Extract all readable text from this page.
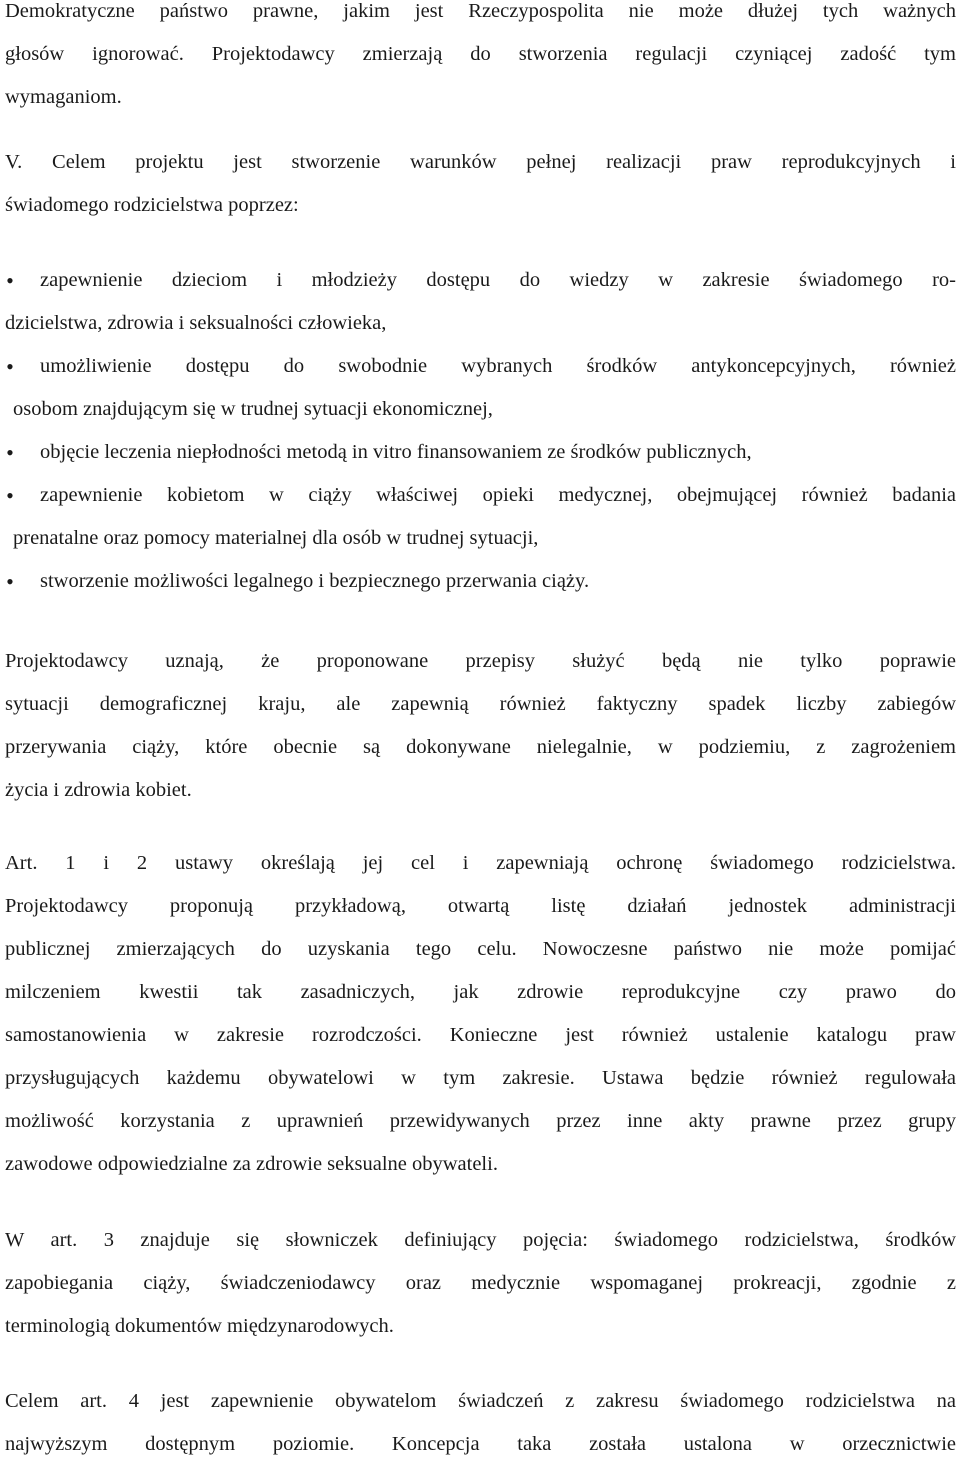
Demokratyczne państwo prawne, jakim jest Rzeczypospolita nie może dłużej tych ważnych
głosów ignorować. Projektodawcy zmierzają do stworzenia regulacji czyniącej zadość tym
wymaganiom.

V. Celem projektu jest stworzenie warunków pełnej realizacji praw reprodukcyjnych i
świadomego rodzicielstwa poprzez:

• zapewnienie dzieciom i młodzieży dostępu do wiedzy w zakresie świadomego ro-
dzicielstwa, zdrowia i seksualności człowieka,
• umożliwienie dostępu do swobodnie wybranych środków antykoncepcyjnych, również
osobom znajdującym się w trudnej sytuacji ekonomicznej,
• objęcie leczenia niepłodności metodą in vitro finansowaniem ze środków publicznych,
• zapewnienie kobietom w ciąży właściwej opieki medycznej, obejmującej również badania
prenatalne oraz pomocy materialnej dla osób w trudnej sytuacji,
• stworzenie możliwości legalnego i bezpiecznego przerwania ciąży.

Projektodawcy uznają, że proponowane przepisy służyć będą nie tylko poprawie
sytuacji demograficznej kraju, ale zapewnią również faktyczny spadek liczby zabiegów
przerywania ciąży, które obecnie są dokonywane nielegalnie, w podziemiu, z zagrożeniem
życia i zdrowia kobiet.

Art. 1 i 2 ustawy określają jej cel i zapewniają ochronę świadomego rodzicielstwa.
Projektodawcy proponują przykładową, otwartą listę działań jednostek administracji
publicznej zmierzających do uzyskania tego celu. Nowoczesne państwo nie może pomijać
milczeniem kwestii tak zasadniczych, jak zdrowie reprodukcyjne czy prawo do
samostanowienia w zakresie rozrodczości. Konieczne jest również ustalenie katalogu praw
przysługujących każdemu obywatelowi w tym zakresie. Ustawa będzie również regulowała
możliwość korzystania z uprawnień przewidywanych przez inne akty prawne przez grupy
zawodowe odpowiedzialne za zdrowie seksualne obywateli.

W art. 3 znajduje się słowniczek definiujący pojęcia: świadomego rodzicielstwa, środków
zapobiegania ciąży, świadczeniodawcy oraz medycznie wspomaganej prokreacji, zgodnie z
terminologią dokumentów międzynarodowych.

Celem art. 4 jest zapewnienie obywatelom świadczeń z zakresu świadomego rodzicielstwa na
najwyższym dostępnym poziomie. Koncepcja taka została ustalona w orzecznictwie
